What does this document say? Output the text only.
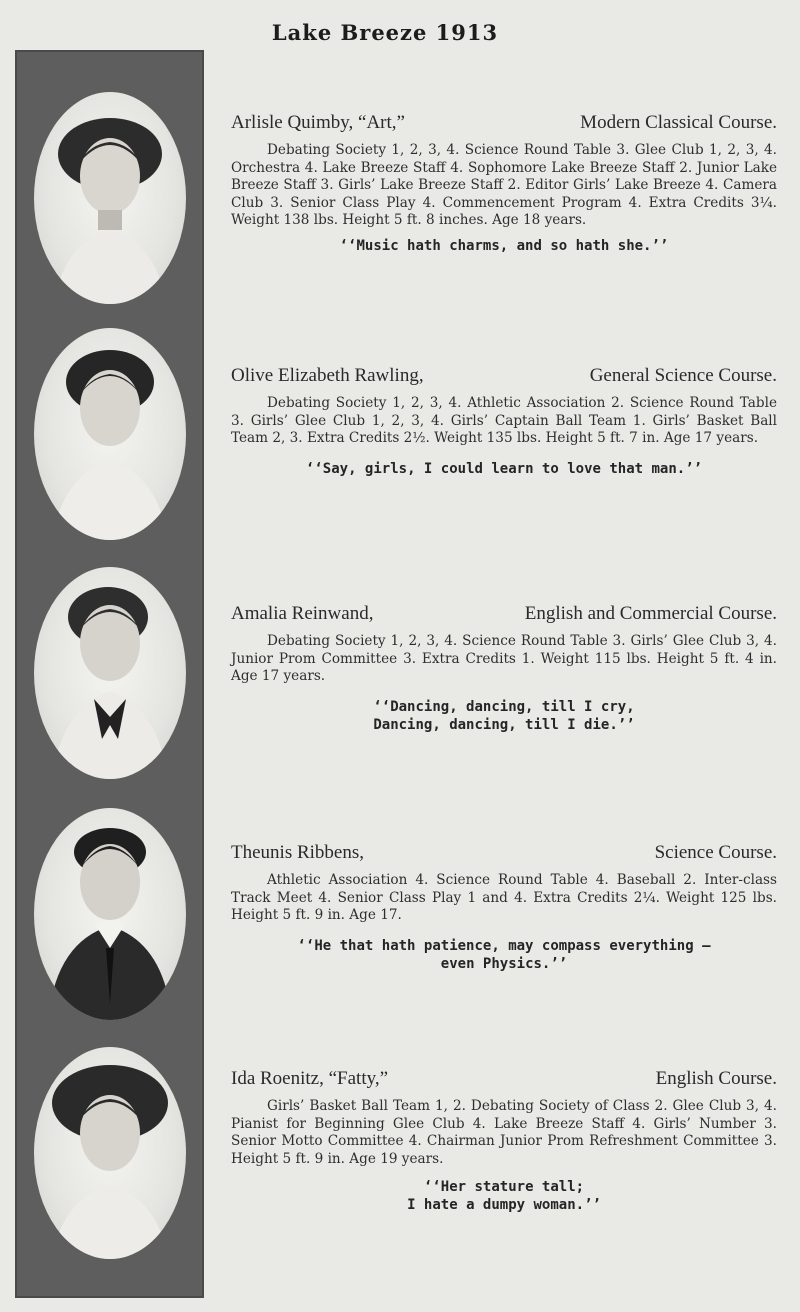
Lake Breeze 1913
Arlisle Quimby, “Art,”	Modern Classical Course.
Debating Society 1, 2, 3, 4. Science Round Table 3. Glee Club 1, 2, 3, 4. Orchestra 4. Lake Breeze Staff 4. Sophomore Lake Breeze Staff 2. Junior Lake Breeze Staff 3. Girls’ Lake Breeze Staff 2. Editor Girls’ Lake Breeze 4. Camera Club 3. Senior Class Play 4. Commencement Program 4. Extra Credits 3¼. Weight 138 lbs. Height 5 ft. 8 inches. Age 18 years.
‘‘Music hath charms, and so hath she.’’
Olive Elizabeth Rawling,	General Science Course.
Debating Society 1, 2, 3, 4. Athletic Association 2. Science Round Table 3. Girls’ Glee Club 1, 2, 3, 4. Girls’ Captain Ball Team 1. Girls’ Basket Ball Team 2, 3. Extra Credits 2½. Weight 135 lbs. Height 5 ft. 7 in. Age 17 years.
‘‘Say, girls, I could learn to love that man.’’
Amalia Reinwand,	English and Commercial Course.
Debating Society 1, 2, 3, 4. Science Round Table 3. Girls’ Glee Club 3, 4. Junior Prom Committee 3. Extra Credits 1. Weight 115 lbs. Height 5 ft. 4 in. Age 17 years.
‘‘Dancing, dancing, till I cry,
Dancing, dancing, till I die.’’
Theunis Ribbens,	Science Course.
Athletic Association 4. Science Round Table 4. Baseball 2. Inter-class Track Meet 4. Senior Class Play 1 and 4. Extra Credits 2¼. Weight 125 lbs. Height 5 ft. 9 in. Age 17.
‘‘He that hath patience, may compass everything —
even Physics.’’
Ida Roenitz, “Fatty,”	English Course.
Girls’ Basket Ball Team 1, 2. Debating Society of Class 2. Glee Club 3, 4. Pianist for Beginning Glee Club 4. Lake Breeze Staff 4. Girls’ Number 3. Senior Motto Committee 4. Chairman Junior Prom Refreshment Committee 3. Height 5 ft. 9 in. Age 19 years.
‘‘Her stature tall;
I hate a dumpy woman.’’
